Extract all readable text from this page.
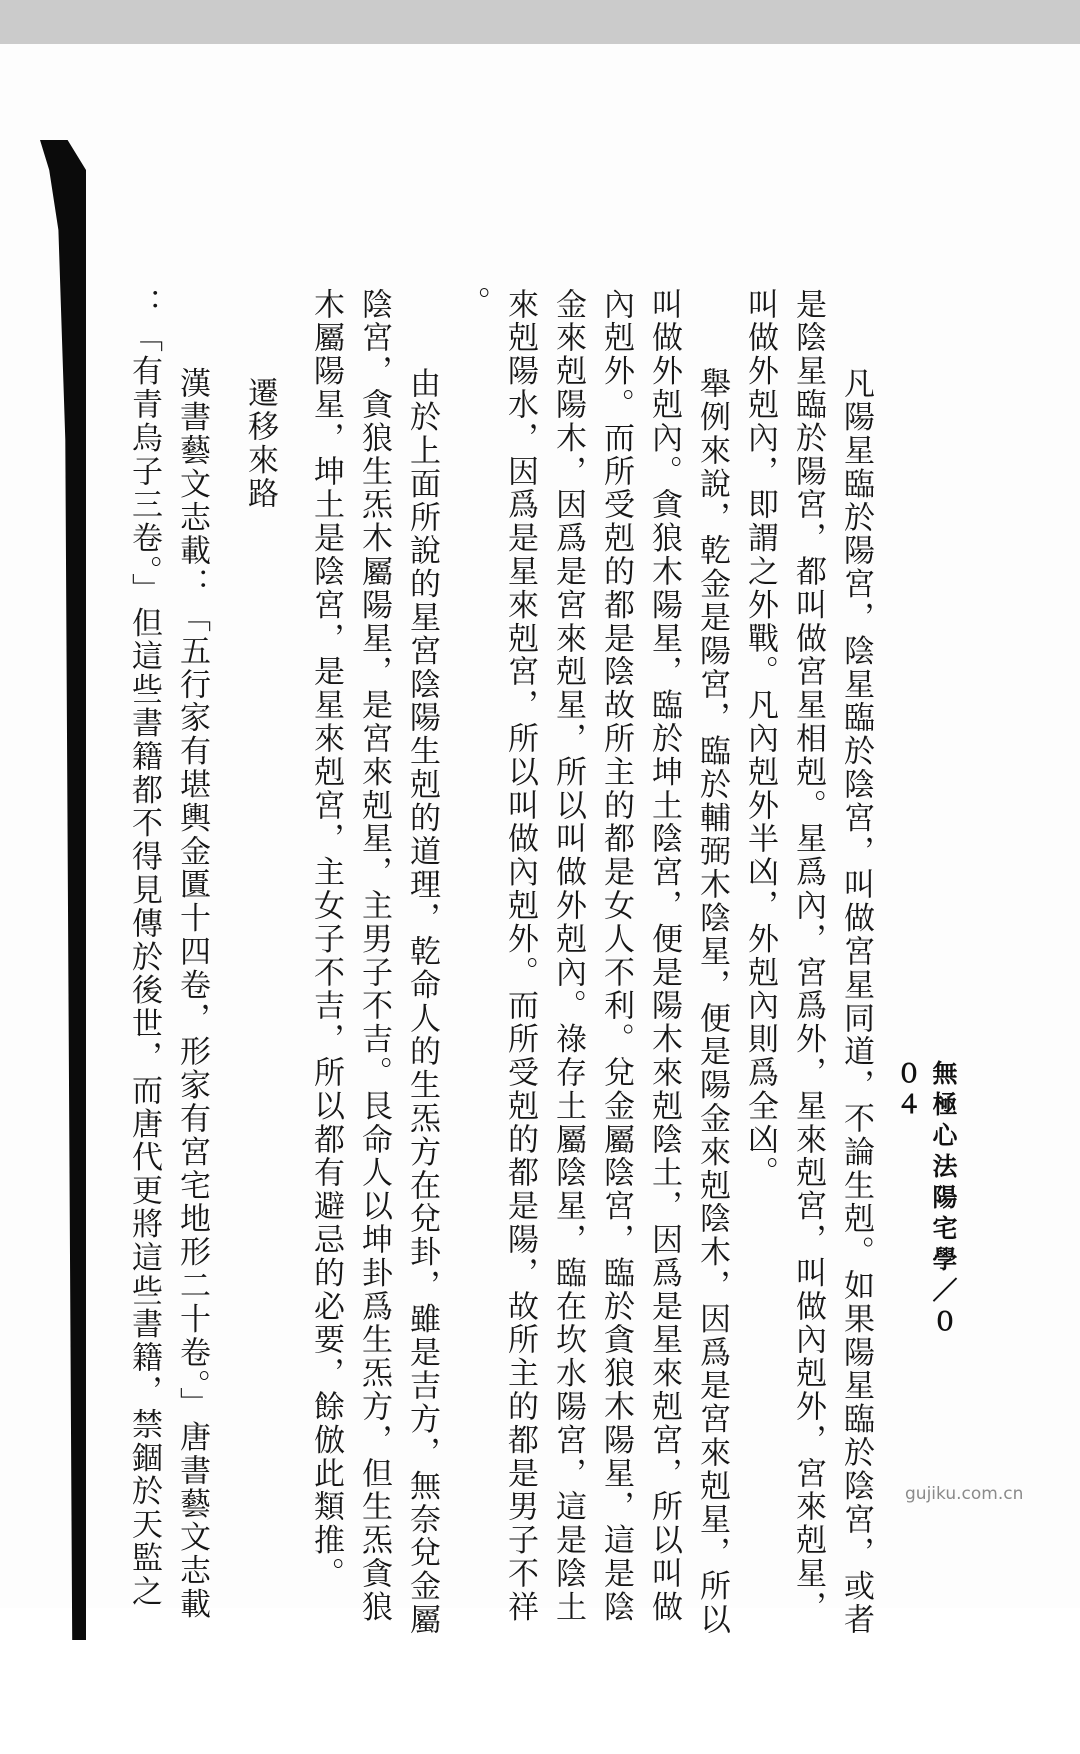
無極心法陽宅學／００４
　凡陽星臨於陽宮，陰星臨於陰宮，叫做宮星同道，不論生剋。如果陽星臨於陰宮，或者
是陰星臨於陽宮，都叫做宮星相剋。星爲內，宮爲外，星來剋宮，叫做內剋外，宮來剋星，
叫做外剋內，即謂之外戰。凡內剋外半凶，外剋內則爲全凶。
　舉例來說，乾金是陽宮，臨於輔弼木陰星，便是陽金來剋陰木，因爲是宮來剋星，所以
叫做外剋內。貪狼木陽星，臨於坤土陰宮，便是陽木來剋陰土，因爲是星來剋宮，所以叫做
內剋外。而所受剋的都是陰故所主的都是女人不利。兌金屬陰宮，臨於貪狼木陽星，這是陰
金來剋陽木，因爲是宮來剋星，所以叫做外剋內。祿存土屬陰星，臨在坎水陽宮，這是陰土
來剋陽水，因爲是星來剋宮，所以叫做內剋外。而所受剋的都是陽，故所主的都是男子不祥
。
　由於上面所說的星宮陰陽生剋的道理，乾命人的生炁方在兌卦，雖是吉方，無奈兌金屬
陰宮，貪狼生炁木屬陽星，是宮來剋星，主男子不吉。艮命人以坤卦爲生炁方，但生炁貪狼
木屬陽星，坤土是陰宮，是星來剋宮，主女子不吉，所以都有避忌的必要，餘倣此類推。
　　遷移來路
　漢書藝文志載：「五行家有堪輿金匱十四卷，形家有宮宅地形二十卷。」唐書藝文志載
：「有青烏子三卷。」但這些書籍都不得見傳於後世，而唐代更將這些書籍，禁錮於天監之	gujiku.com.cn
